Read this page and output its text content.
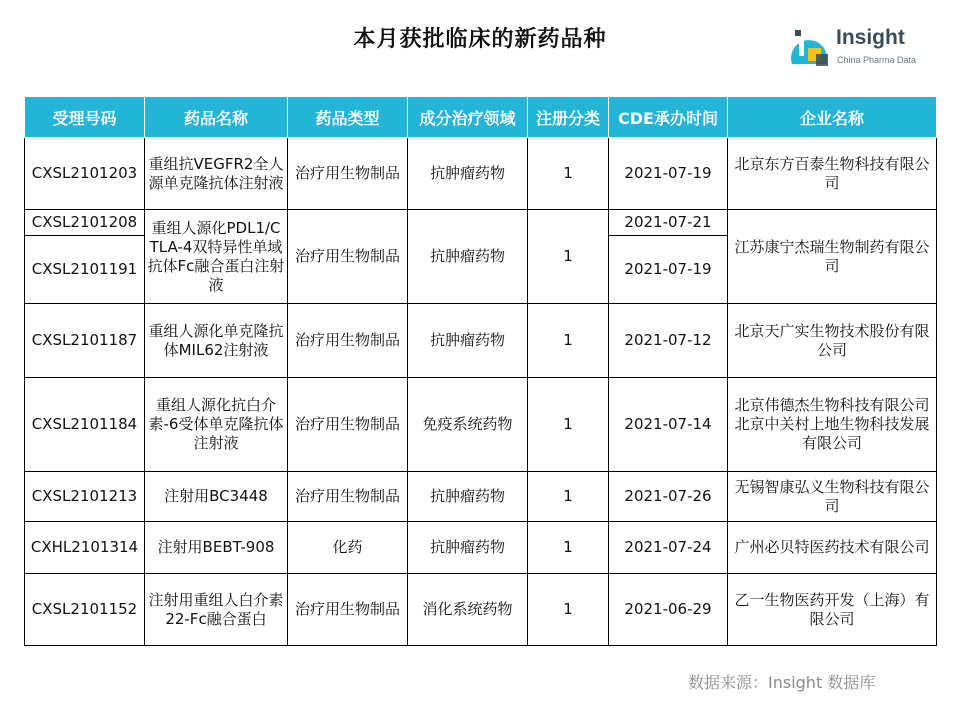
本月获批临床的新药品种	Insight
China Pharma Data
受理号码	药品名称	药品类型	成分治疗领域	注册分类	CDE承办时间	企业名称
CXSL2101203	重组抗VEGFR2全人源单克隆抗体注射液	治疗用生物制品	抗肿瘤药物	1	2021-07-19	北京东方百泰生物科技有限公司
CXSL2101208	重组人源化PDL1/CTLA-4双特异性单域抗体Fc融合蛋白注射液	治疗用生物制品	抗肿瘤药物	1	2021-07-21	江苏康宁杰瑞生物制药有限公司
CXSL2101191					2021-07-19	
CXSL2101187	重组人源化单克隆抗体MIL62注射液	治疗用生物制品	抗肿瘤药物	1	2021-07-12	北京天广实生物技术股份有限公司
CXSL2101184	重组人源化抗白介素-6受体单克隆抗体注射液	治疗用生物制品	免疫系统药物	1	2021-07-14	北京伟德杰生物科技有限公司
北京中关村上地生物科技发展有限公司

CXSL2101213	注射用BC3448	治疗用生物制品	抗肿瘤药物	1	2021-07-26	无锡智康弘义生物科技有限公司
CXHL2101314	注射用BEBT-908	化药	抗肿瘤药物	1	2021-07-24	广州必贝特医药技术有限公司
CXSL2101152	注射用重组人白介素22-Fc融合蛋白	治疗用生物制品	消化系统药物	1	2021-06-29	乙一生物医药开发（上海）有限公司
数据来源：Insight 数据库
